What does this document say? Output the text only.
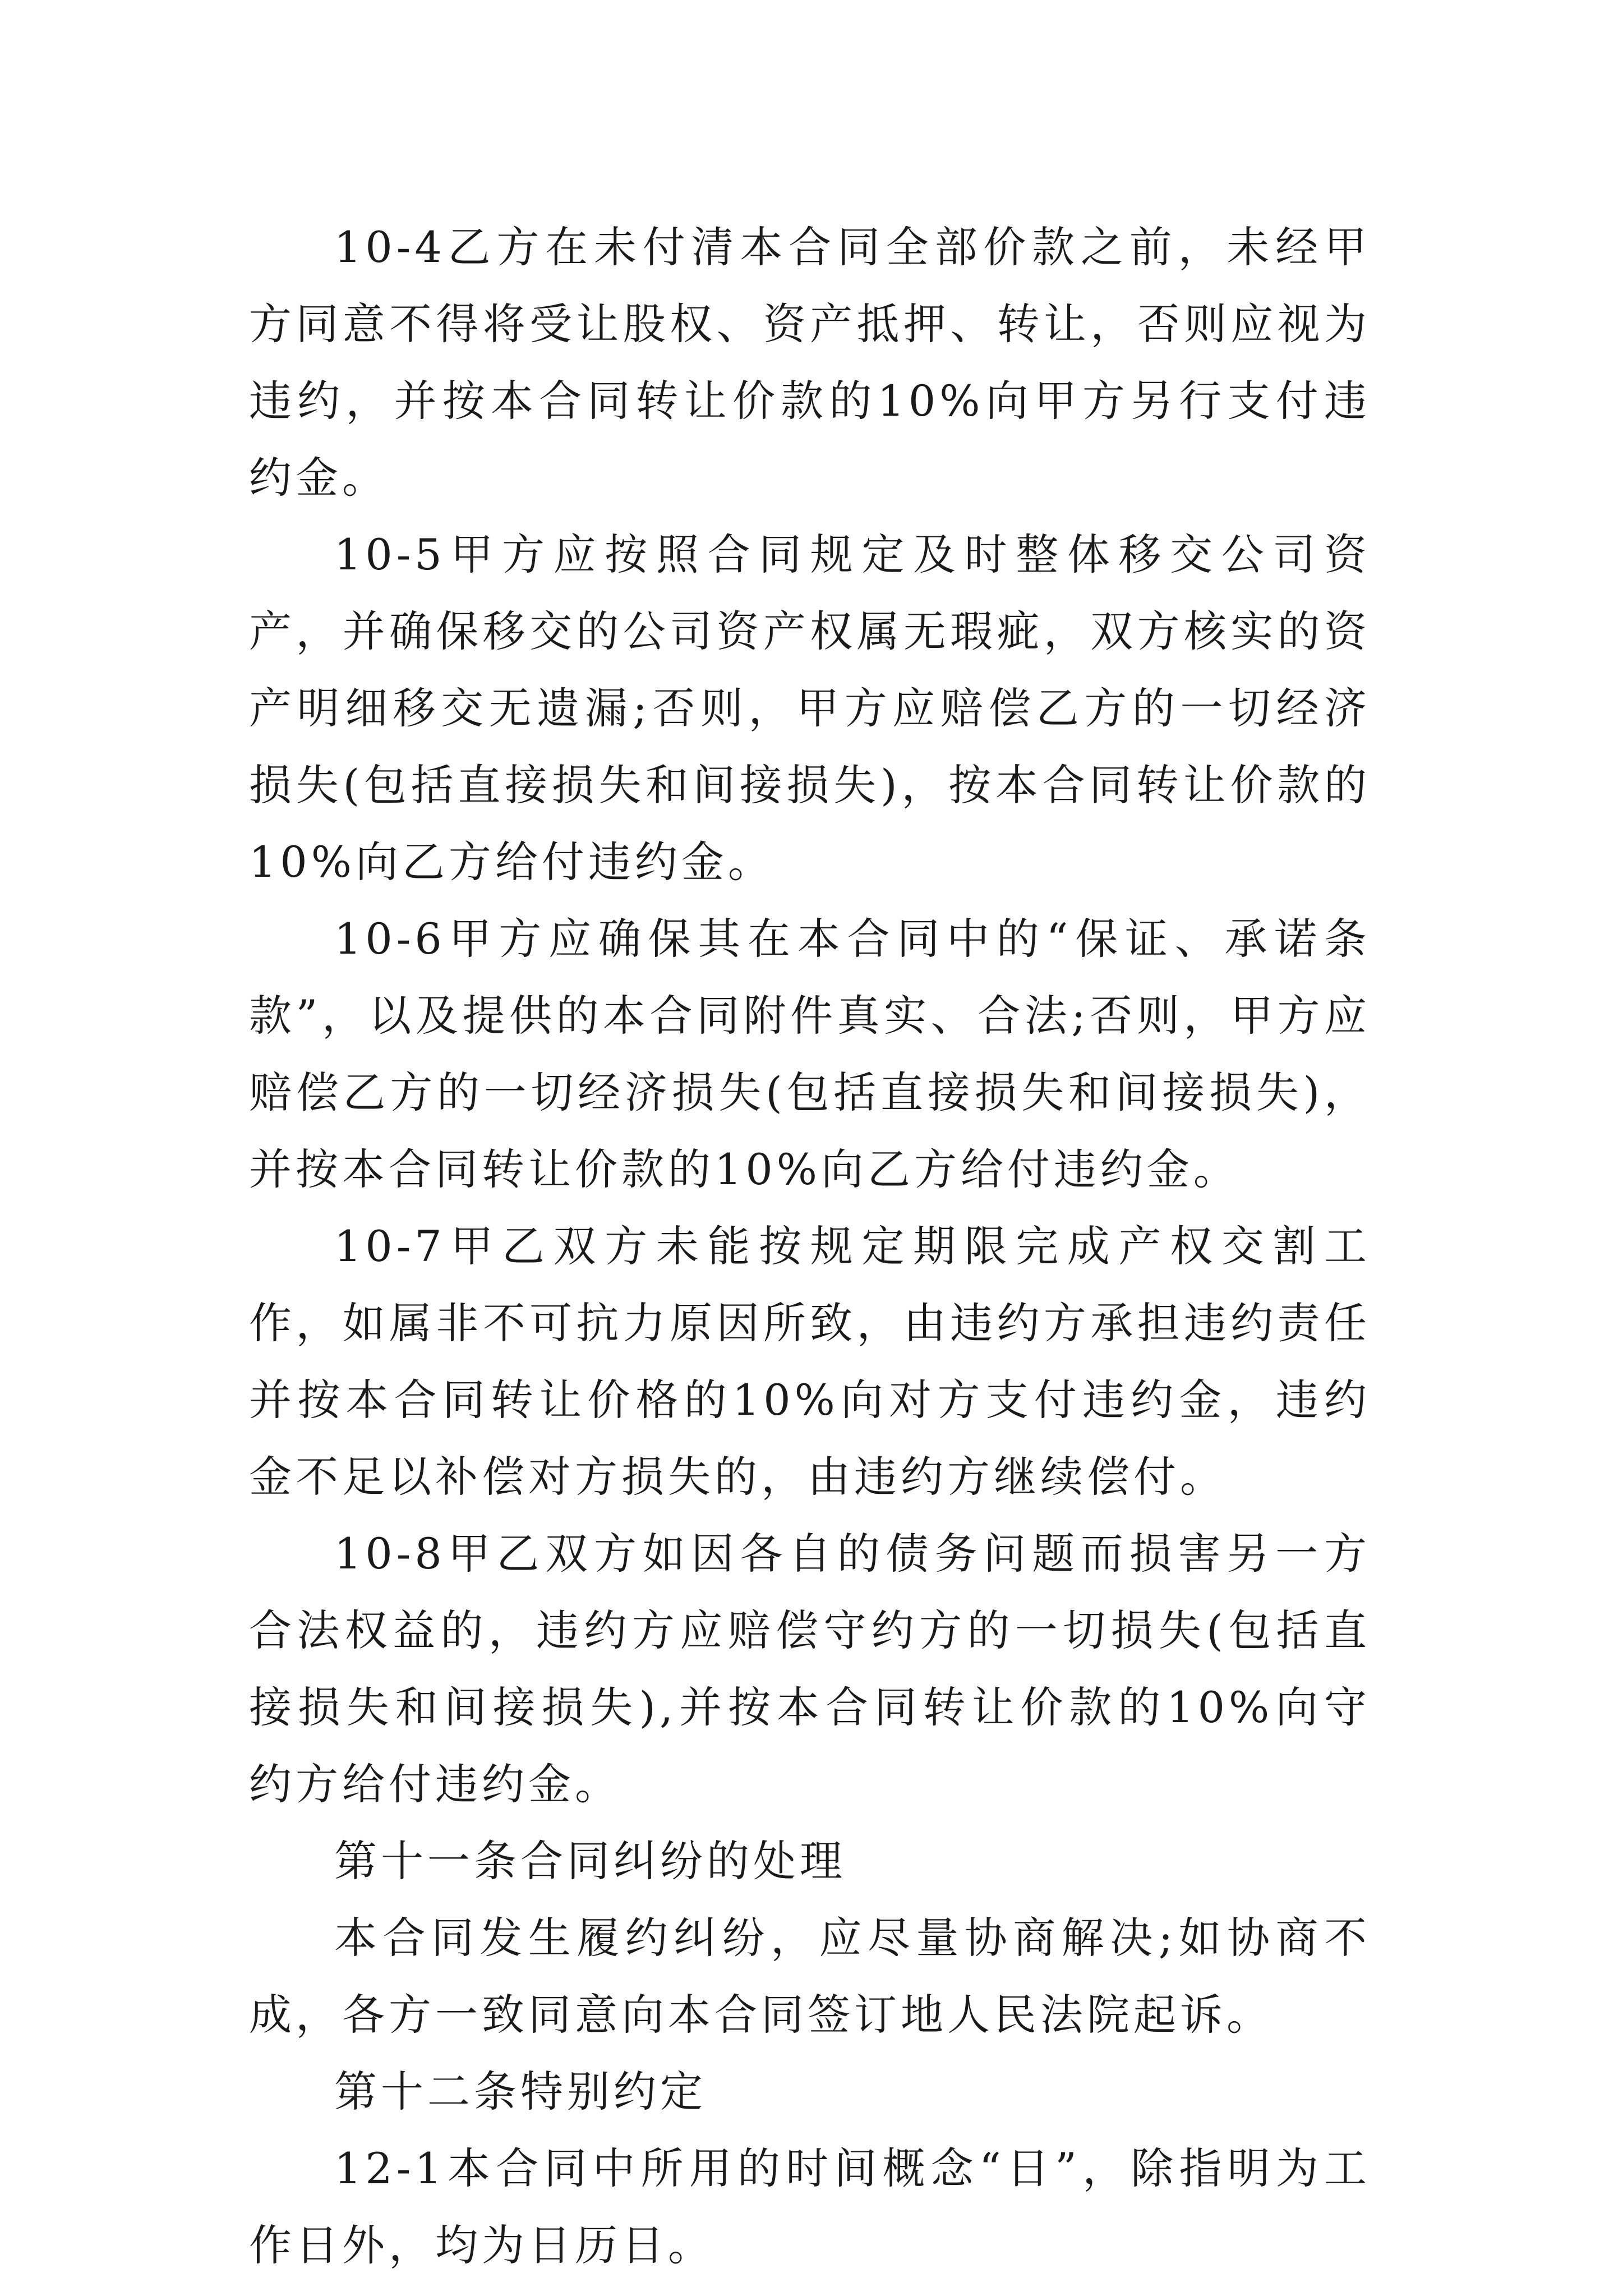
10-4乙方在未付清本合同全部价款之前，未经甲方同意不得将受让股权、资产抵押、转让，否则应视为违约，并按本合同转让价款的10%向甲方另行支付违约金。

10-5甲方应按照合同规定及时整体移交公司资产，并确保移交的公司资产权属无瑕疵，双方核实的资产明细移交无遗漏;否则，甲方应赔偿乙方的一切经济损失(包括直接损失和间接损失)，按本合同转让价款的10%向乙方给付违约金。

10-6甲方应确保其在本合同中的“保证、承诺条款”，以及提供的本合同附件真实、合法;否则，甲方应赔偿乙方的一切经济损失(包括直接损失和间接损失)，并按本合同转让价款的10%向乙方给付违约金。

10-7甲乙双方未能按规定期限完成产权交割工作，如属非不可抗力原因所致，由违约方承担违约责任并按本合同转让价格的10%向对方支付违约金，违约金不足以补偿对方损失的，由违约方继续偿付。

10-8甲乙双方如因各自的债务问题而损害另一方合法权益的，违约方应赔偿守约方的一切损失(包括直接损失和间接损失),并按本合同转让价款的10%向守约方给付违约金。

第十一条合同纠纷的处理

本合同发生履约纠纷，应尽量协商解决;如协商不成，各方一致同意向本合同签订地人民法院起诉。

第十二条特别约定

12-1本合同中所用的时间概念“日”，除指明为工作日外，均为日历日。
